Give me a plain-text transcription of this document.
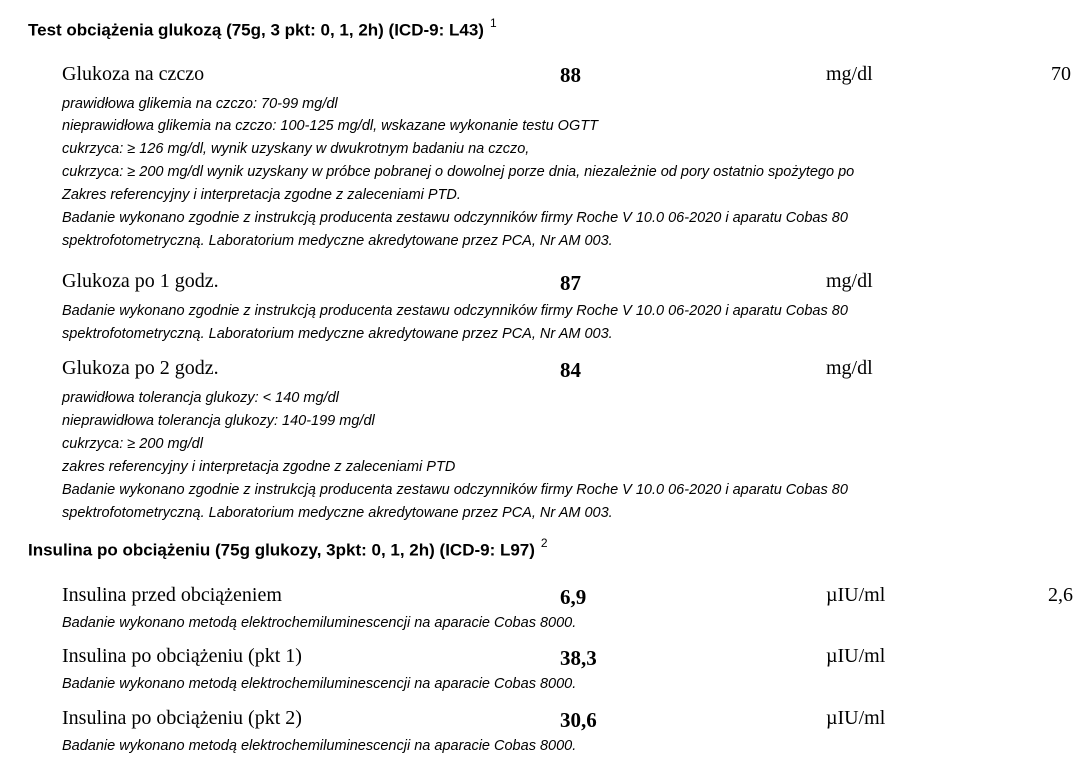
Test obciążenia glukozą (75g, 3 pkt: 0, 1, 2h) (ICD-9: L43) $^1$
Glukoza na czczo	88	mg/dl	70
prawidłowa glikemia na czczo: 70-99 mg/dl
nieprawidłowa glikemia na czczo: 100-125 mg/dl, wskazane wykonanie testu OGTT
cukrzyca: ≥ 126 mg/dl, wynik uzyskany w dwukrotnym badaniu na czczo,
cukrzyca: ≥ 200 mg/dl wynik uzyskany w próbce pobranej o dowolnej porze dnia, niezależnie od pory ostatnio spożytego po
Zakres referencyjny i interpretacja zgodne z zaleceniami PTD.
Badanie wykonano zgodnie z instrukcją producenta zestawu odczynników firmy Roche V 10.0 06-2020 i aparatu Cobas 80
spektrofotometryczną. Laboratorium medyczne akredytowane przez PCA, Nr AM 003.
Glukoza po 1 godz.	87	mg/dl
Badanie wykonano zgodnie z instrukcją producenta zestawu odczynników firmy Roche V 10.0 06-2020 i aparatu Cobas 80
spektrofotometryczną. Laboratorium medyczne akredytowane przez PCA, Nr AM 003.
Glukoza po 2 godz.	84	mg/dl
prawidłowa tolerancja glukozy: < 140 mg/dl
nieprawidłowa tolerancja glukozy: 140-199 mg/dl
cukrzyca: ≥ 200 mg/dl
zakres referencyjny i interpretacja zgodne z zaleceniami PTD
Badanie wykonano zgodnie z instrukcją producenta zestawu odczynników firmy Roche V 10.0 06-2020 i aparatu Cobas 80
spektrofotometryczną. Laboratorium medyczne akredytowane przez PCA, Nr AM 003.
Insulina po obciążeniu (75g glukozy, 3pkt: 0, 1, 2h) (ICD-9: L97) $^2$
Insulina przed obciążeniem	6,9	µIU/ml	2,6
Badanie wykonano metodą elektrochemiluminescencji na aparacie Cobas 8000.
Insulina po obciążeniu (pkt 1)	38,3	µIU/ml
Badanie wykonano metodą elektrochemiluminescencji na aparacie Cobas 8000.
Insulina po obciążeniu (pkt 2)	30,6	µIU/ml
Badanie wykonano metodą elektrochemiluminescencji na aparacie Cobas 8000.
